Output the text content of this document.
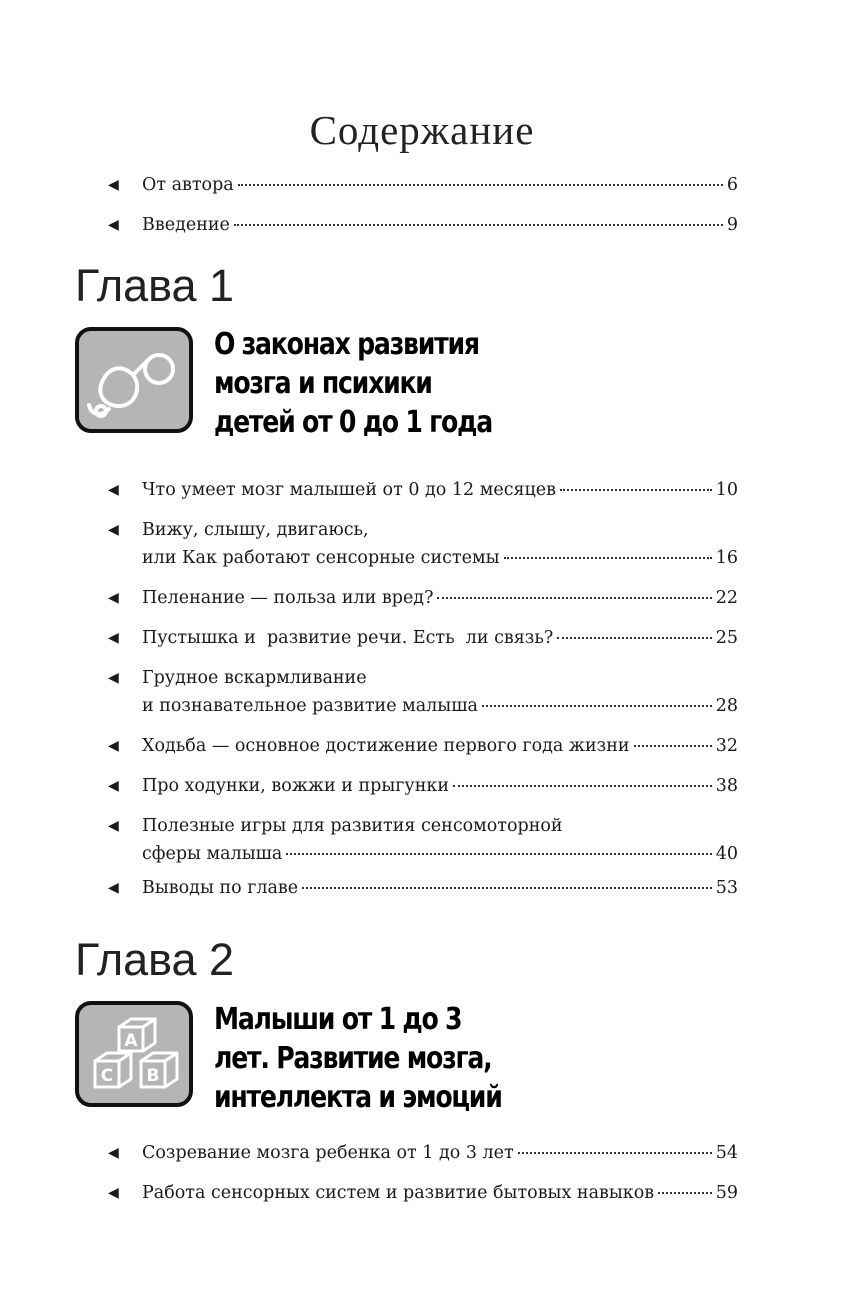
Содержание
◀ От автора	6
◀ Введение	9
Глава 1
О законах развития
мозга и психики
детей от 0 до 1 года
◀ Что умеет мозг малышей от 0 до 12 месяцев	10
◀ Вижу, слышу, двигаюсь,
или Как работают сенсорные системы	16
◀ Пеленание — польза или вред?	22
◀ Пустышка и  развитие речи. Есть  ли связь?	25
◀ Грудное вскармливание
и познавательное развитие малыша	28
◀ Ходьба — основное достижение первого года жизни	32
◀ Про ходунки, вожжи и прыгунки	38
◀ Полезные игры для развития сенсомоторной
сферы малыша	40
◀ Выводы по главе	53
Глава 2
A
C B
Малыши от 1 до 3
лет. Развитие мозга,
интеллекта и эмоций
◀ Созревание мозга ребенка от 1 до 3 лет	54
◀ Работа сенсорных систем и развитие бытовых навыков	59
